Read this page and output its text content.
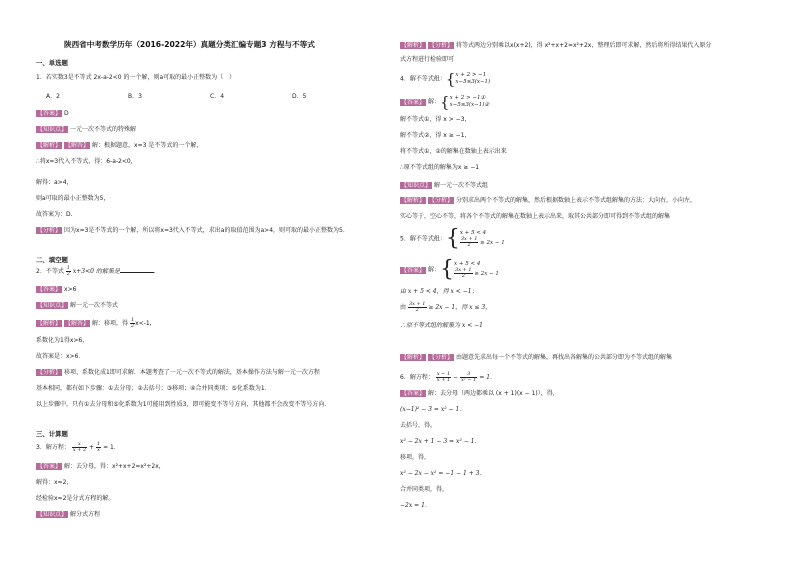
陕西省中考数学历年（2016-2022年）真题分类汇编专题3 方程与不等式
一、单选题
1．若实数3是不等式 2x-a-2<0 的一个解，则a可取的最小正整数为（　）
A．2	B．3	C．4	D．5
【答案】 D
【知识点】 一元一次不等式的特殊解
【解析】 【解答】 解：根据题意，x=3 是不等式的一个解，
∴将x=3代入不等式，得：6-a-2<0，
解得：a>4，
则a可取的最小正整数为5，
故答案为：D.
【分析】 因为x=3是不等式的一个解，所以将x=3代入不等式，求出a的取值范围为a>4，则可取的最小正整数为5.
二、填空题
2．不等式 $\frac{1}{2} x+3<0$ 的解集是	．
【答案】 x>6
【知识点】 解一元一次不等式
【解析】 【解答】 解：移项，得 $\frac{1}{2} x<-1$,
系数化为1得x>6，
故答案是：x>6．
【分析】 移项、系数化成1即可求解．本题考查了一元一次不等式的解法，基本操作方法与解一元一次方程
基本相同，都有如下步骤：①去分母；②去括号；③移项；④合并同类项；⑤化系数为1．
以上步骤中，只有①去分母和⑤化系数为1可能用到性质3，即可能变不等号方向，其他都不会改变不等号方向．
三、计算题
3．解方程： $\frac{x}{x + 2} + \frac{1}{x} = 1$．
【答案】 解：去分母，得：x²+x+2=x²+2x，
解得：x=2，
经检验x=2是分式方程的解。
【知识点】 解分式方程
【解析】 【分析】 将等式两边分别乘以x(x+2)，得 x²+x+2=x²+2x，整理后即可求解，然后将所得结果代入原分
式方程进行检验即可
4．解不等式组：{x + 2 > −1
x−5≤3(x−1)
【答案】 解：{x + 2 > −1①
x−5≤3(x−1)②
解不等式①，得 x > −3，
解不等式②，得 x ≥ −1，
将不等式①，②的解集在数轴上表示出来
∴原不等式组的解集为x ≥ −1
【知识点】 解一元一次不等式组
【解析】 【分析】 分别求出两个不等式的解集，然后根据数轴上表示不等式组解集的方法：大向右，小向左，
实心等于，空心不等，将各个不等式的解集在数轴上表示出来，取其公共部分即可得到不等式组的解集
5．解不等式组：{x + 5 < 4

$\frac{3x + 1}{2} \ge 2x - 1$
【答案】 解：{x + 5 < 4

$\frac{3x + 1}{2} \ge 2x - 1$
由 x + 5 < 4，得 x < −1；
由 $\frac{3x + 1}{2} \ge 2x - 1$，得 x ≤ 3，
∴原不等式组的解集为 x < −1
【解析】 【分析】 由题意先求出每一个不等式的解集，再找出各解集的公共部分即为不等式组的解集
6．解方程： $\frac{x - 1}{x + 1} - \frac{3}{\text{x² − 1}} = 1$．
【答案】 解：去分母（两边都乘以 (x + 1)(x − 1)），得，
(x−1)² − 3 = x² − 1．
去括号，得，
x² − 2x + 1 − 3 = x² − 1．
移项，得，
x² − 2x − x² = −1 − 1 + 3．
合并同类项，得，
−2x = 1．
